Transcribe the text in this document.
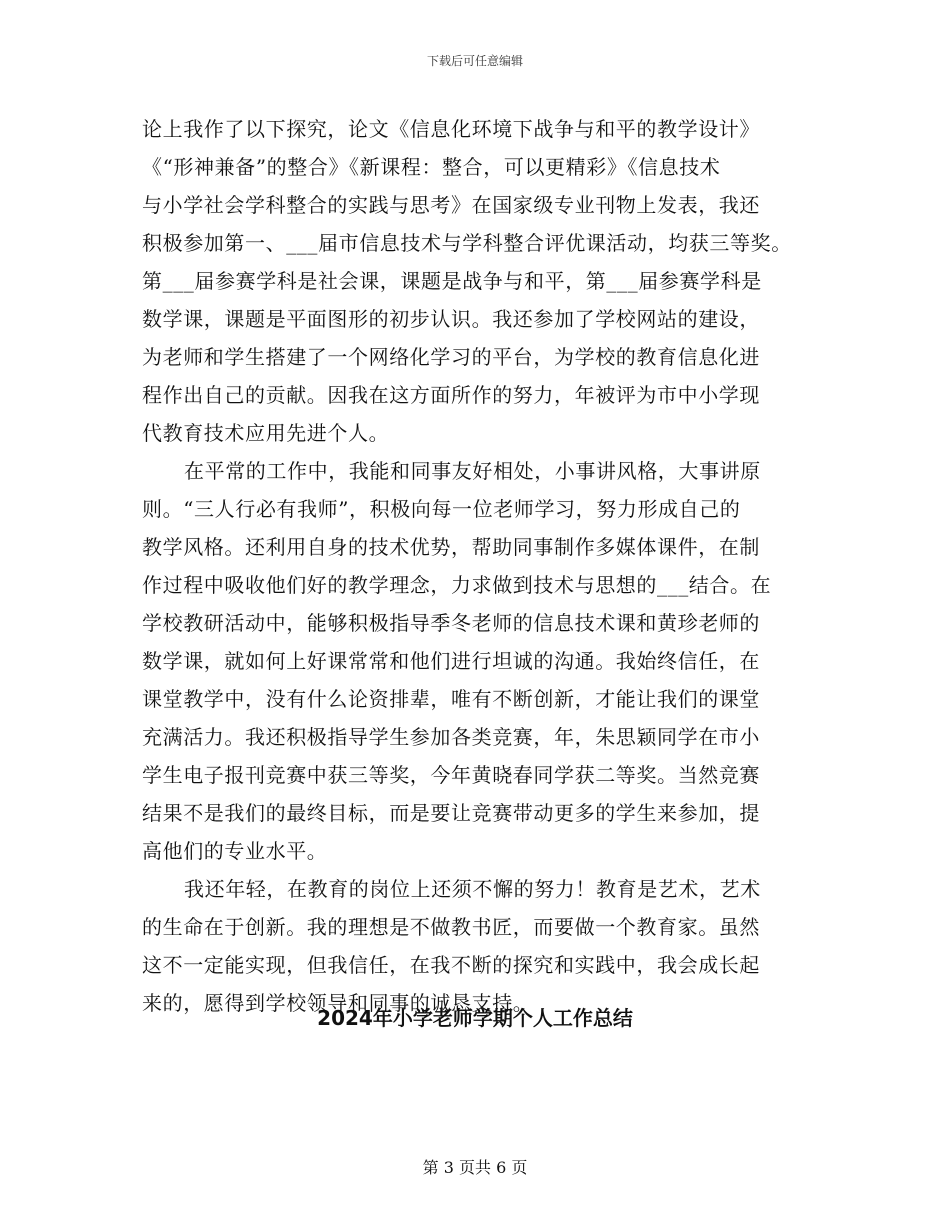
下载后可任意编辑
论上我作了以下探究，论文《信息化环境下战争与和平的教学设计》
《“形神兼备”的整合》《新课程：整合，可以更精彩》《信息技术
与小学社会学科整合的实践与思考》在国家级专业刊物上发表，我还
积极参加第一、___届市信息技术与学科整合评优课活动，均获三等奖。
第___届参赛学科是社会课，课题是战争与和平，第___届参赛学科是
数学课，课题是平面图形的初步认识。我还参加了学校网站的建设，
为老师和学生搭建了一个网络化学习的平台，为学校的教育信息化进
程作出自己的贡献。因我在这方面所作的努力，年被评为市中小学现
代教育技术应用先进个人。
在平常的工作中，我能和同事友好相处，小事讲风格，大事讲原
则。“三人行必有我师”，积极向每一位老师学习，努力形成自己的
教学风格。还利用自身的技术优势，帮助同事制作多媒体课件，在制
作过程中吸收他们好的教学理念，力求做到技术与思想的___结合。在
学校教研活动中，能够积极指导季冬老师的信息技术课和黄珍老师的
数学课，就如何上好课常常和他们进行坦诚的沟通。我始终信任，在
课堂教学中，没有什么论资排辈，唯有不断创新，才能让我们的课堂
充满活力。我还积极指导学生参加各类竞赛，年，朱思颖同学在市小
学生电子报刊竞赛中获三等奖，今年黄晓春同学获二等奖。当然竞赛
结果不是我们的最终目标，而是要让竞赛带动更多的学生来参加，提
高他们的专业水平。
我还年轻，在教育的岗位上还须不懈的努力！教育是艺术，艺术
的生命在于创新。我的理想是不做教书匠，而要做一个教育家。虽然
这不一定能实现，但我信任，在我不断的探究和实践中，我会成长起
来的，愿得到学校领导和同事的诚恳支持。
2024年小学老师学期个人工作总结
第 3 页共 6 页
